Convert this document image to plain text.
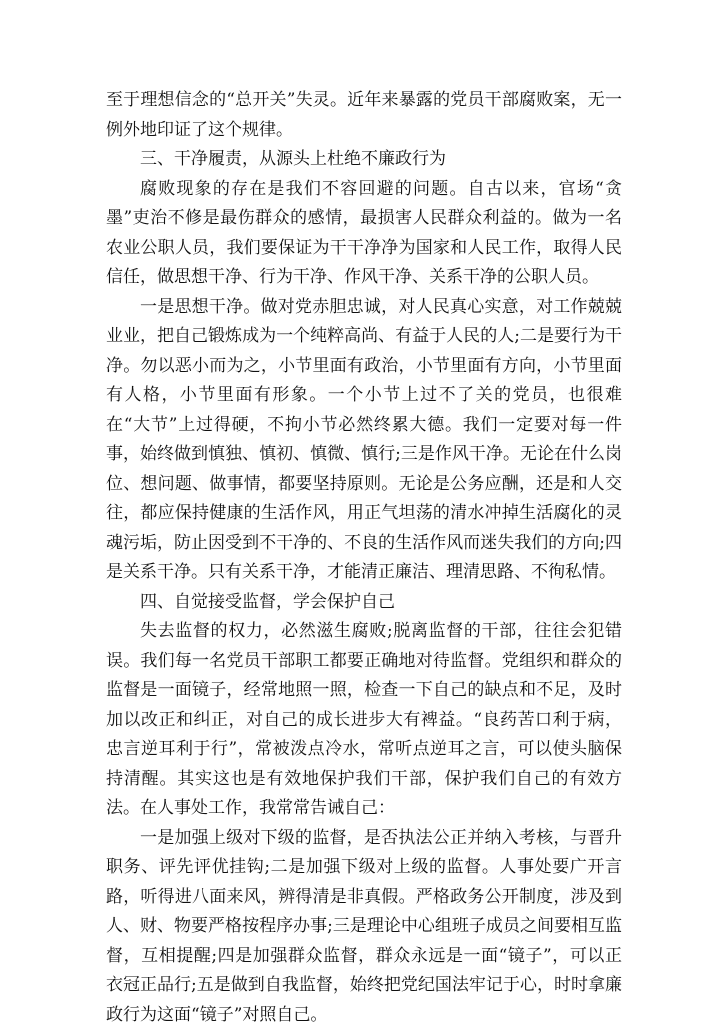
至于理想信念的“总开关”失灵。近年来暴露的党员干部腐败案，无一例外地印证了这个规律。

三、干净履责，从源头上杜绝不廉政行为

腐败现象的存在是我们不容回避的问题。自古以来，官场“贪墨”吏治不修是最伤群众的感情，最损害人民群众利益的。做为一名农业公职人员，我们要保证为干干净净为国家和人民工作，取得人民信任，做思想干净、行为干净、作风干净、关系干净的公职人员。

一是思想干净。做对党赤胆忠诚，对人民真心实意，对工作兢兢业业，把自己锻炼成为一个纯粹高尚、有益于人民的人;二是要行为干净。勿以恶小而为之，小节里面有政治，小节里面有方向，小节里面有人格，小节里面有形象。一个小节上过不了关的党员，也很难在“大节”上过得硬，不拘小节必然终累大德。我们一定要对每一件事，始终做到慎独、慎初、慎微、慎行;三是作风干净。无论在什么岗位、想问题、做事情，都要坚持原则。无论是公务应酬，还是和人交往，都应保持健康的生活作风，用正气坦荡的清水冲掉生活腐化的灵魂污垢，防止因受到不干净的、不良的生活作风而迷失我们的方向;四是关系干净。只有关系干净，才能清正廉洁、理清思路、不徇私情。

四、自觉接受监督，学会保护自己

失去监督的权力，必然滋生腐败;脱离监督的干部，往往会犯错误。我们每一名党员干部职工都要正确地对待监督。党组织和群众的监督是一面镜子，经常地照一照，检查一下自己的缺点和不足，及时加以改正和纠正，对自己的成长进步大有裨益。“良药苦口利于病，忠言逆耳利于行”，常被泼点冷水，常听点逆耳之言，可以使头脑保持清醒。其实这也是有效地保护我们干部，保护我们自己的有效方法。在人事处工作，我常常告诫自己：

一是加强上级对下级的监督，是否执法公正并纳入考核，与晋升职务、评先评优挂钩;二是加强下级对上级的监督。人事处要广开言路，听得进八面来风，辨得清是非真假。严格政务公开制度，涉及到人、财、物要严格按程序办事;三是理论中心组班子成员之间要相互监督，互相提醒;四是加强群众监督，群众永远是一面“镜子”，可以正衣冠正品行;五是做到自我监督，始终把党纪国法牢记于心，时时拿廉政行为这面“镜子”对照自己。
